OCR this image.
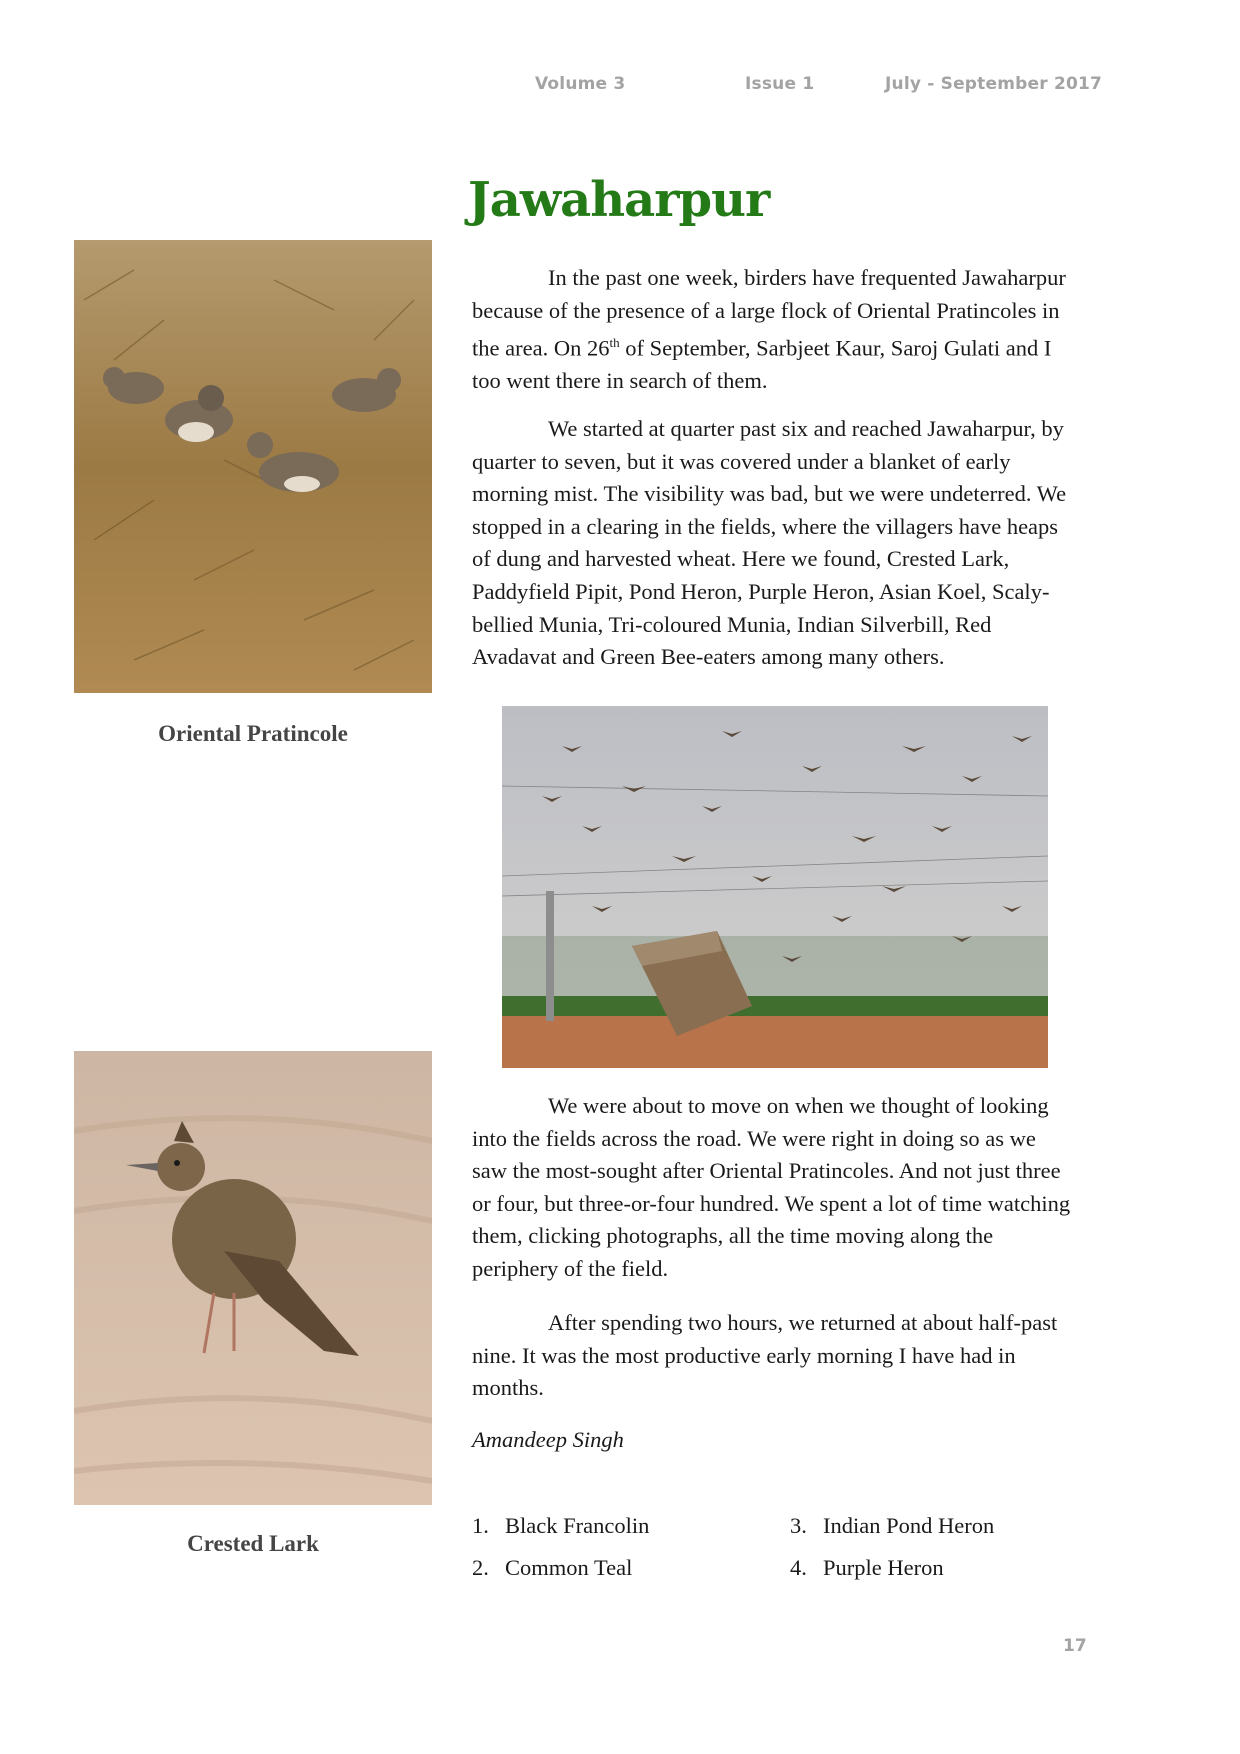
Volume 3	Issue 1	July - September 2017
Jawaharpur

In the past one week, birders have frequented Jawaharpur because of the presence of a large flock of Oriental Pratincoles in the area. On 26th of September, Sarbjeet Kaur, Saroj Gulati and I too went there in search of them.

We started at quarter past six and reached Jawaharpur, by quarter to seven, but it was covered under a blanket of early morning mist. The visibility was bad, but we were undeterred. We stopped in a clearing in the fields, where the villagers have heaps of dung and harvested wheat. Here we found, Crested Lark, Paddyfield Pipit, Pond Heron, Purple Heron, Asian Koel, Scaly-bellied Munia, Tri-coloured Munia, Indian Silverbill, Red Avadavat and Green Bee-eaters among many others.

Oriental Pratincole

Crested Lark

We were about to move on when we thought of looking into the fields across the road. We were right in doing so as we saw the most-sought after Oriental Pratincoles. And not just three or four, but three-or-four hundred. We spent a lot of time watching them, clicking photographs, all the time moving along the periphery of the field.

After spending two hours, we returned at about half-past nine. It was the most productive early morning I have had in months.

Amandeep Singh

1. Black Francolin
2. Common Teal
3. Indian Pond Heron
4. Purple Heron
17
